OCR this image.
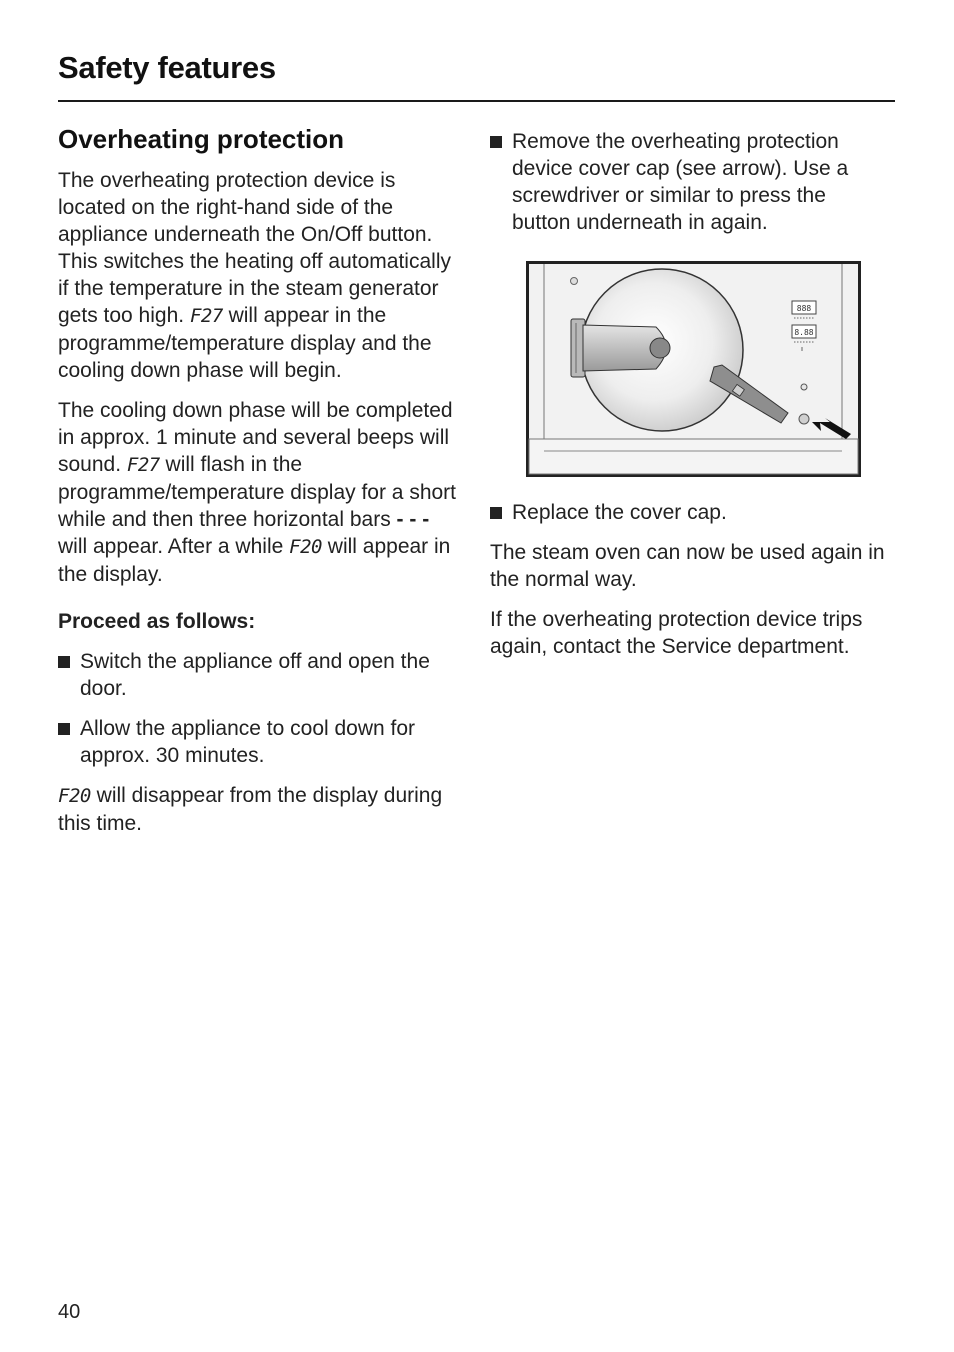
Safety features
Overheating protection

The overheating protection device is located on the right-hand side of the appliance underneath the On/Off button. This switches the heating off automatically if the temperature in the steam generator gets too high. F27 will appear in the programme/temperature display and the cooling down phase will begin.

The cooling down phase will be completed in approx. 1 minute and several beeps will sound. F27 will flash in the programme/temperature display for a short while and then three horizontal bars - - - will appear. After a while F20 will appear in the display.

Proceed as follows:

Switch the appliance off and open the door.
Allow the appliance to cool down for approx. 30 minutes.

F20 will disappear from the display during this time.

Remove the overheating protection device cover cap (see arrow). Use a screwdriver or similar to press the button underneath in again.
888
8.88
Replace the cover cap.

The steam oven can now be used again in the normal way.

If the overheating protection device trips again, contact the Service department.

40
